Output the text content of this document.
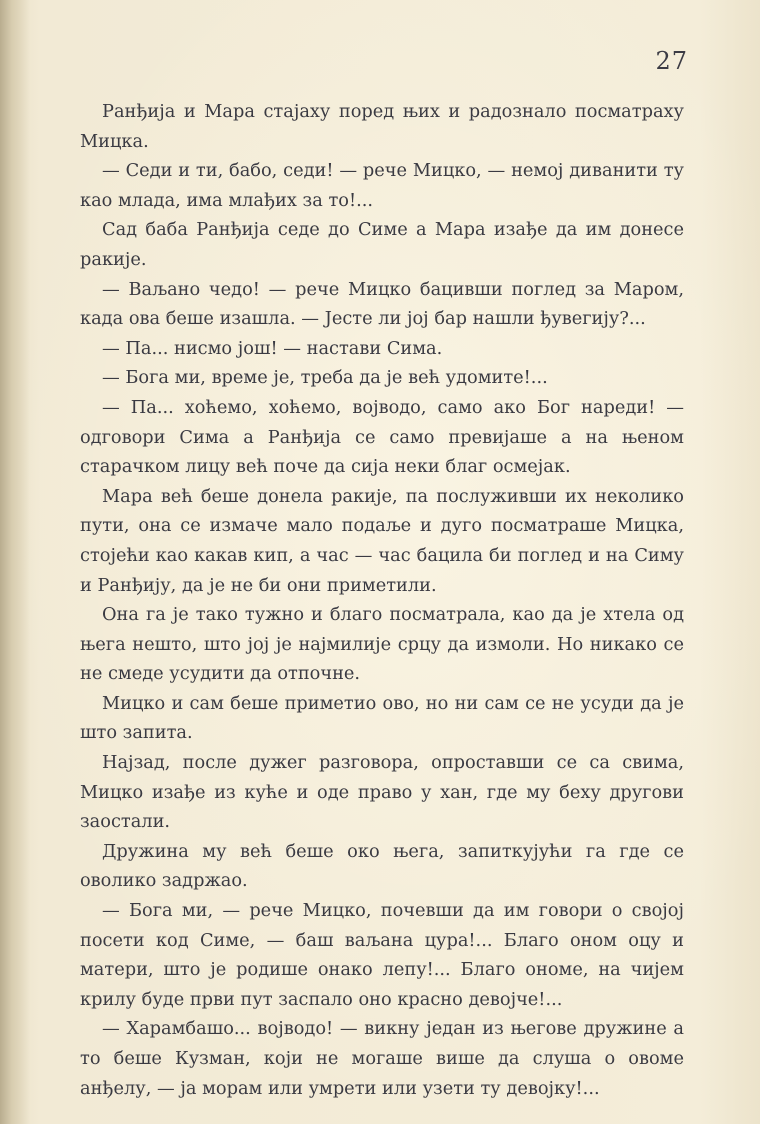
27

Ранђија и Мара стајаху поред њих и радознало посматраху Мицка.

— Седи и ти, бабо, седи! — рече Мицко, — немој диванити ту као млада, има млађих за то!...

Сад баба Ранђија седе до Симе а Мара изађе да им донесе ракије.

— Ваљано чедо! — рече Мицко бацивши поглед за Маром, када ова беше изашла. — Јесте ли јој бар нашли ђувегију?...

— Па... нисмо још! — настави Сима.

— Бога ми, време је, треба да је већ удомите!...

— Па... хоћемо, хоћемо, војводо, само ако Бог нареди! — одговори Сима а Ранђија се само превијаше а на њеном старачком лицу већ поче да сија неки благ осмејак.

Мара већ беше донела ракије, па послуживши их неколико пути, она се измаче мало подаље и дуго посматраше Мицка, стојећи као какав кип, а час — час бацила би поглед и на Симу и Ранђију, да је не би они приметили.

Она га је тако тужно и благо посматрала, као да је хтела од њега нешто, што јој је најмилије срцу да измоли. Но никако се не смеде усудити да отпочне.

Мицко и сам беше приметио ово, но ни сам се не усуди да је што запита.

Најзад, после дужег разговора, опроставши се са свима, Мицко изађе из куће и оде право у хан, где му беху другови заостали.

Дружина му већ беше око њега, запиткујући га где се оволико задржао.

— Бога ми, — рече Мицко, почевши да им говори о својој посети код Симе, — баш ваљана цура!... Благо оном оцу и матери, што је родише онако лепу!... Благо ономе, на чијем крилу буде први пут заспало оно красно девојче!...

— Харамбашо... војводо! — викну један из његове дружине а то беше Кузман, који не могаше више да слуша о овоме анђелу, — ја морам или умрети или узети ту девојку!...
